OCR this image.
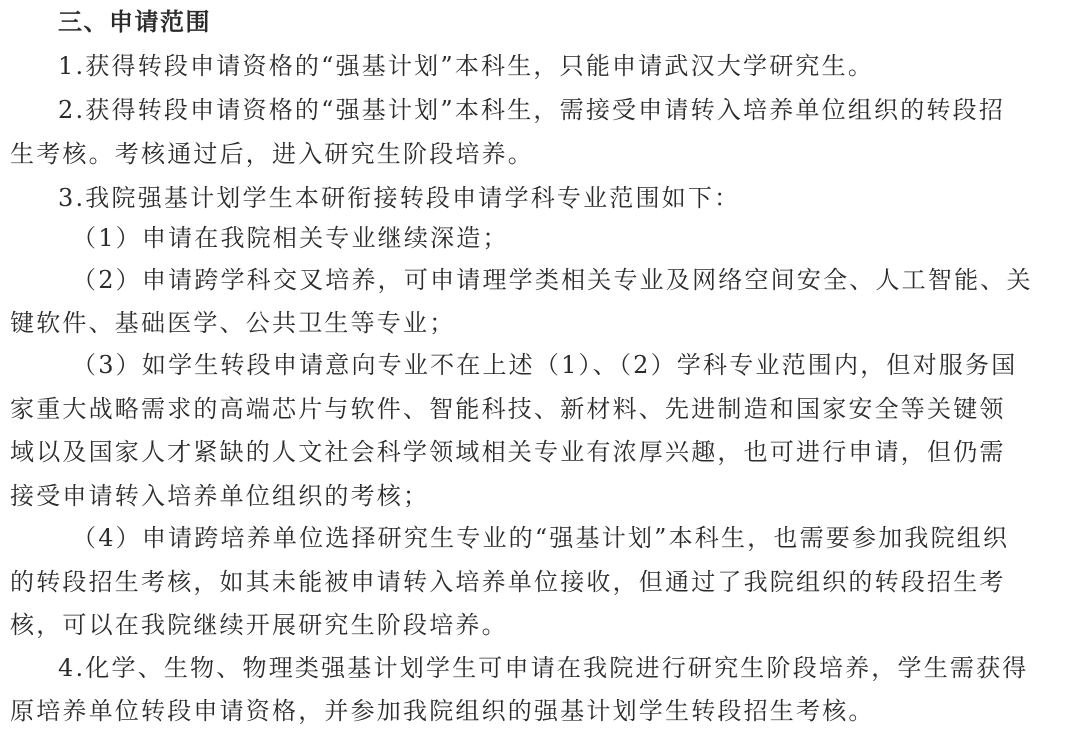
三、申请范围
1.获得转段申请资格的“强基计划”本科生，只能申请武汉大学研究生。
2.获得转段申请资格的“强基计划”本科生，需接受申请转入培养单位组织的转段招
生考核。考核通过后，进入研究生阶段培养。
3.我院强基计划学生本研衔接转段申请学科专业范围如下：
（1）申请在我院相关专业继续深造；
（2）申请跨学科交叉培养，可申请理学类相关专业及网络空间安全、人工智能、关
键软件、基础医学、公共卫生等专业；
（3）如学生转段申请意向专业不在上述（1）、（2）学科专业范围内，但对服务国
家重大战略需求的高端芯片与软件、智能科技、新材料、先进制造和国家安全等关键领
域以及国家人才紧缺的人文社会科学领域相关专业有浓厚兴趣，也可进行申请，但仍需
接受申请转入培养单位组织的考核；
（4）申请跨培养单位选择研究生专业的“强基计划”本科生，也需要参加我院组织
的转段招生考核，如其未能被申请转入培养单位接收，但通过了我院组织的转段招生考
核，可以在我院继续开展研究生阶段培养。
4.化学、生物、物理类强基计划学生可申请在我院进行研究生阶段培养，学生需获得
原培养单位转段申请资格，并参加我院组织的强基计划学生转段招生考核。
